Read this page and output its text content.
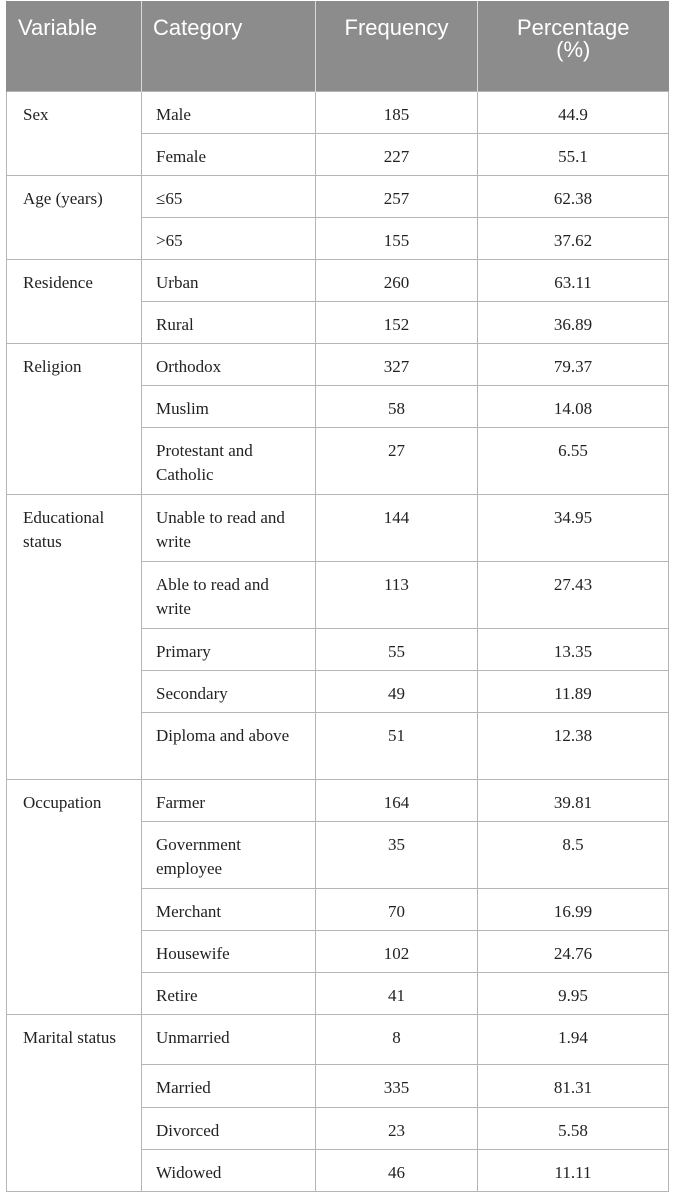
Variable	Category	Frequency	Percentage
(%)
Sex	Male	185	44.9
	Female	227	55.1
Age (years)	≤65	257	62.38
	>65	155	37.62
Residence	Urban	260	63.11
	Rural	152	36.89
Religion	Orthodox	327	79.37
	Muslim	58	14.08
	Protestant and Catholic	27	6.55
Educational status	Unable to read and write	144	34.95
	Able to read and write	113	27.43
	Primary	55	13.35
	Secondary	49	11.89
	Diploma and above	51	12.38
Occupation	Farmer	164	39.81
	Government employee	35	8.5
	Merchant	70	16.99
	Housewife	102	24.76
	Retire	41	9.95
Marital status	Unmarried	8	1.94
	Married	335	81.31
	Divorced	23	5.58
	Widowed	46	11.11
